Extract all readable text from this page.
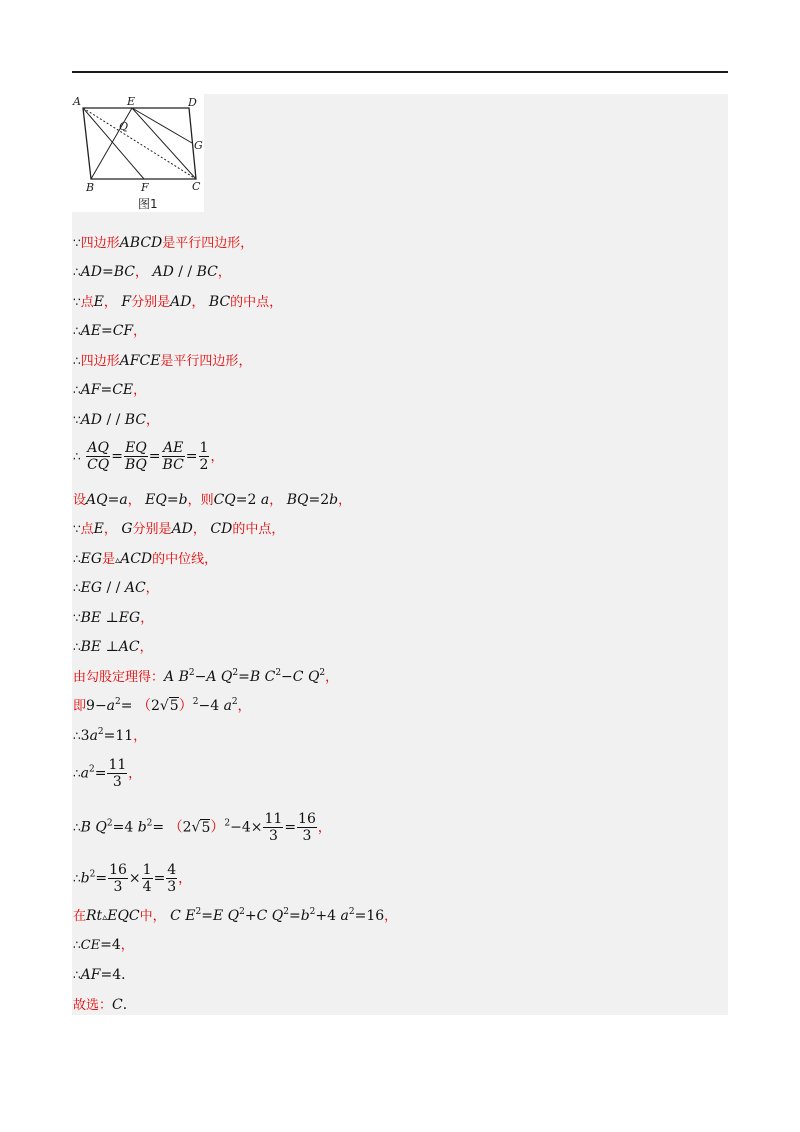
A	E	D
Q
G
B	F	C
图1
∵四边形ABCD是平行四边形，
∴AD=BC， AD / / BC，
∵点E， F分别是AD， BC的中点，
∴AE=CF，
∴四边形AFCE是平行四边形，
∴AF=CE，
∵AD / / BC，
∴ $\frac{AQ}{CQ} = \frac{EQ}{BQ} = \frac{AE}{BC} = \frac{1}{2}$ ，
设AQ=a， EQ=b，则CQ=2 a， BQ=2b，
∵点E， G分别是AD， CD的中点，
∴EG是▵ACD的中位线，
∴EG / / AC，
∵BE ⊥EG，
∴BE ⊥AC，
由勾股定理得：A $B^2-A$ $Q^2=B$ $C^2-C$ $Q^2$，
即$9-a^2= (2√5)^2-4$ $a^2$，
$\therefore 3a^2=11$，
$\therefore a^2= \frac{11}{3}$ ，
∴B $Q^2=4$ $b^2= (2√5)^2-4\times \frac{11}{3} = \frac{16}{3}$ ，
$\therefore b^2= \frac{16}{3} \times \frac{1}{4} = \frac{4}{3}$ ，
在Rt▵EQC中， C $E^2=E$ $Q^2+C$ $Q^2=b^2+4$ $a^2=16$，
∴CE=4，
∴AF=4．
故选：C．
